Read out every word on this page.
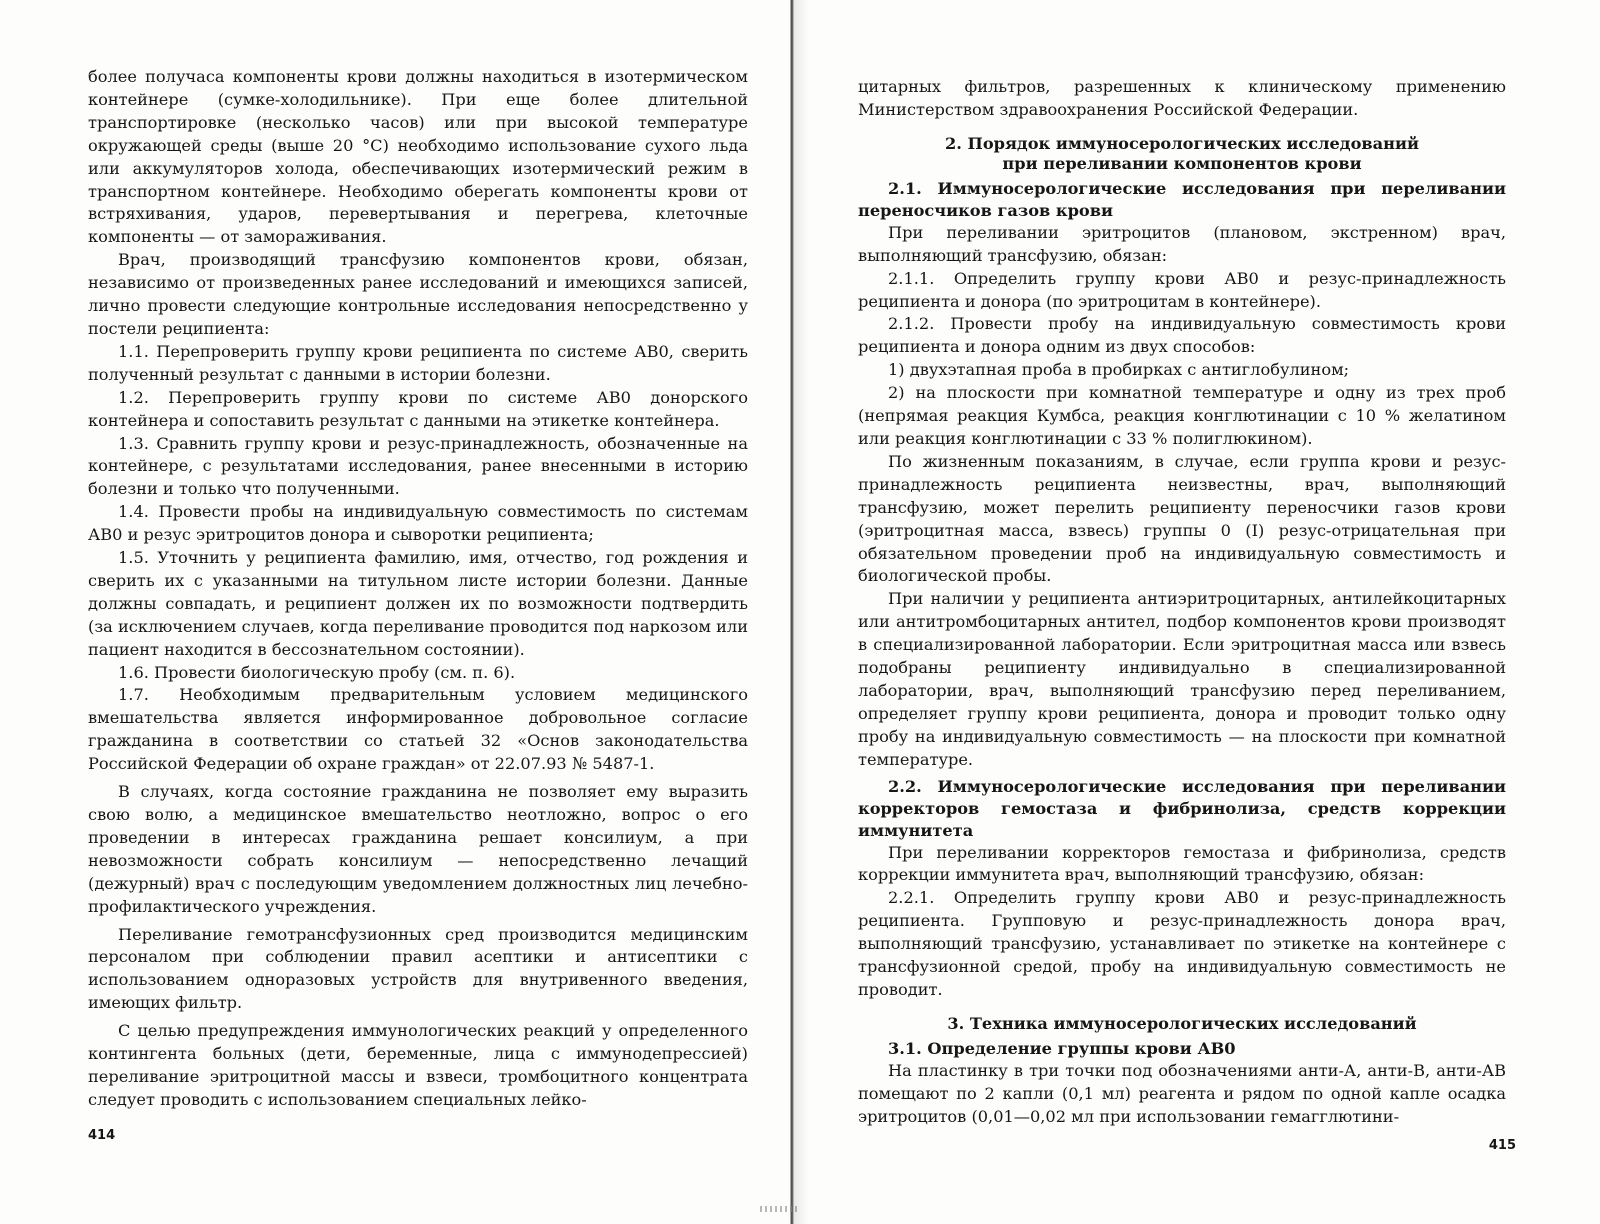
более получаса компоненты крови должны находиться в изотермическом контейнере (сумке-холодильнике). При еще более длительной транспортировке (несколько часов) или при высокой температуре окружающей среды (выше 20 °С) необходимо использование сухого льда или аккумуляторов холода, обеспечивающих изотермический режим в транспортном контейнере. Необходимо оберегать компоненты крови от встряхивания, ударов, перевертывания и перегрева, клеточные компоненты — от замораживания.

Врач, производящий трансфузию компонентов крови, обязан, независимо от произведенных ранее исследований и имеющихся записей, лично провести следующие контрольные исследования непосредственно у постели реципиента:

1.1. Перепроверить группу крови реципиента по системе АВ0, сверить полученный результат с данными в истории болезни.

1.2. Перепроверить группу крови по системе АВ0 донорского контейнера и сопоставить результат с данными на этикетке контейнера.

1.3. Сравнить группу крови и резус-принадлежность, обозначенные на контейнере, с результатами исследования, ранее внесенными в историю болезни и только что полученными.

1.4. Провести пробы на индивидуальную совместимость по системам АВ0 и резус эритроцитов донора и сыворотки реципиента;

1.5. Уточнить у реципиента фамилию, имя, отчество, год рождения и сверить их с указанными на титульном листе истории болезни. Данные должны совпадать, и реципиент должен их по возможности подтвердить (за исключением случаев, когда переливание проводится под наркозом или пациент находится в бессознательном состоянии).

1.6. Провести биологическую пробу (см. п. 6).

1.7. Необходимым предварительным условием медицинского вмешательства является информированное добровольное согласие гражданина в соответствии со статьей 32 «Основ законодательства Российской Федерации об охране граждан» от 22.07.93 № 5487-1.

В случаях, когда состояние гражданина не позволяет ему выразить свою волю, а медицинское вмешательство неотложно, вопрос о его проведении в интересах гражданина решает консилиум, а при невозможности собрать консилиум — непосредственно лечащий (дежурный) врач с последующим уведомлением должностных лиц лечебно-профилактического учреждения.

Переливание гемотрансфузионных сред производится медицинским персоналом при соблюдении правил асептики и антисептики с использованием одноразовых устройств для внутривенного введения, имеющих фильтр.

С целью предупреждения иммунологических реакций у определенного контингента больных (дети, беременные, лица с иммунодепрессией) переливание эритроцитной массы и взвеси, тромбоцитного концентрата следует проводить с использованием специальных лейко-

414

цитарных фильтров, разрешенных к клиническому применению Министерством здравоохранения Российской Федерации.

2. Порядок иммуносерологических исследований
при переливании компонентов крови
2.1. Иммуносерологические исследования при переливании переносчиков газов крови

При переливании эритроцитов (плановом, экстренном) врач, выполняющий трансфузию, обязан:

2.1.1. Определить группу крови АВ0 и резус-принадлежность реципиента и донора (по эритроцитам в контейнере).

2.1.2. Провести пробу на индивидуальную совместимость крови реципиента и донора одним из двух способов:

1) двухэтапная проба в пробирках с антиглобулином;

2) на плоскости при комнатной температуре и одну из трех проб (непрямая реакция Кумбса, реакция конглютинации с 10 % желатином или реакция конглютинации с 33 % полиглюкином).

По жизненным показаниям, в случае, если группа крови и резус-принадлежность реципиента неизвестны, врач, выполняющий трансфузию, может перелить реципиенту переносчики газов крови (эритроцитная масса, взвесь) группы 0 (I) резус-отрицательная при обязательном проведении проб на индивидуальную совместимость и биологической пробы.

При наличии у реципиента антиэритроцитарных, антилейкоцитарных или антитромбоцитарных антител, подбор компонентов крови производят в специализированной лаборатории. Если эритроцитная масса или взвесь подобраны реципиенту индивидуально в специализированной лаборатории, врач, выполняющий трансфузию перед переливанием, определяет группу крови реципиента, донора и проводит только одну пробу на индивидуальную совместимость — на плоскости при комнатной температуре.

2.2. Иммуносерологические исследования при переливании корректоров гемостаза и фибринолиза, средств коррекции иммунитета

При переливании корректоров гемостаза и фибринолиза, средств коррекции иммунитета врач, выполняющий трансфузию, обязан:

2.2.1. Определить группу крови АВ0 и резус-принадлежность реципиента. Групповую и резус-принадлежность донора врач, выполняющий трансфузию, устанавливает по этикетке на контейнере с трансфузионной средой, пробу на индивидуальную совместимость не проводит.

3. Техника иммуносерологических исследований
3.1. Определение группы крови АВ0

На пластинку в три точки под обозначениями анти-А, анти-В, анти-АВ помещают по 2 капли (0,1 мл) реагента и рядом по одной капле осадка эритроцитов (0,01—0,02 мл при использовании гемагглютини-

415
